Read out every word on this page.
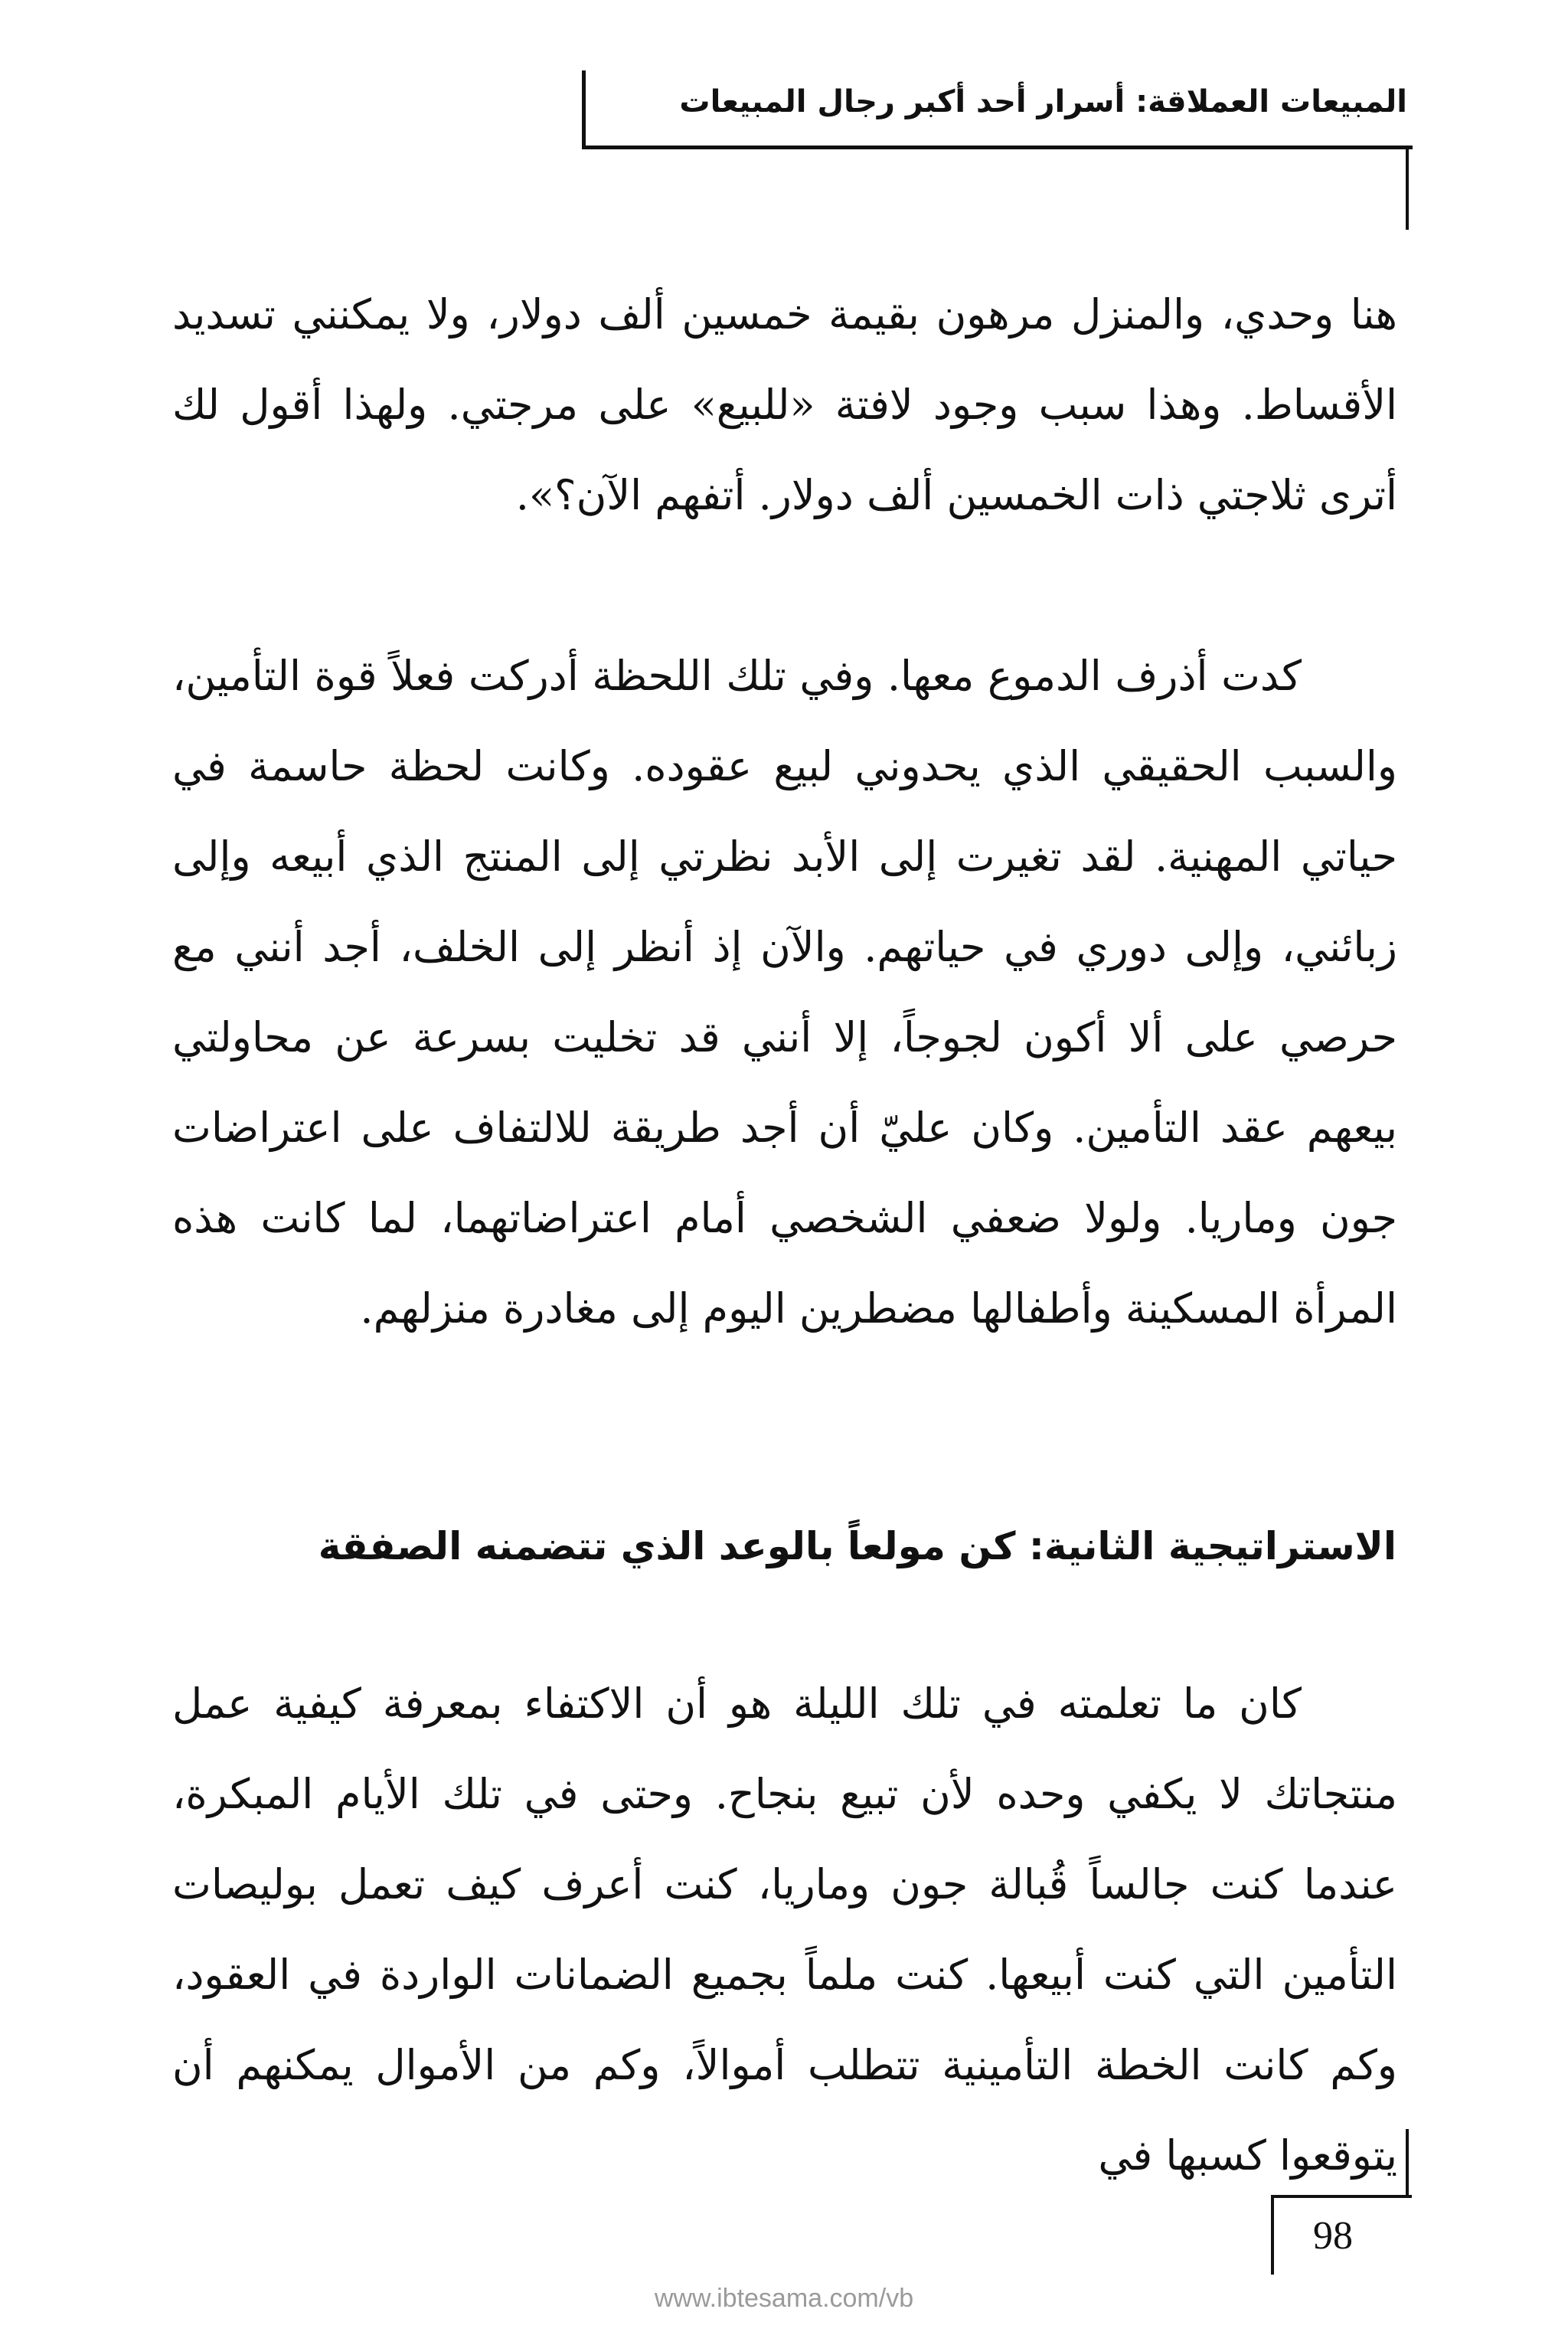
المبيعات العملاقة: أسرار أحد أكبر رجال المبيعات

هنا وحدي، والمنزل مرهون بقيمة خمسين ألف دولار، ولا يمكنني تسديد الأقساط. وهذا سبب وجود لافتة «للبيع» على مرجتي. ولهذا أقول لك أترى ثلاجتي ذات الخمسين ألف دولار. أتفهم الآن؟».

كدت أذرف الدموع معها. وفي تلك اللحظة أدركت فعلاً قوة التأمين، والسبب الحقيقي الذي يحدوني لبيع عقوده. وكانت لحظة حاسمة في حياتي المهنية. لقد تغيرت إلى الأبد نظرتي إلى المنتج الذي أبيعه وإلى زبائني، وإلى دوري في حياتهم. والآن إذ أنظر إلى الخلف، أجد أنني مع حرصي على ألا أكون لجوجاً، إلا أنني قد تخليت بسرعة عن محاولتي بيعهم عقد التأمين. وكان عليّ أن أجد طريقة للالتفاف على اعتراضات جون وماريا. ولولا ضعفي الشخصي أمام اعتراضاتهما، لما كانت هذه المرأة المسكينة وأطفالها مضطرين اليوم إلى مغادرة منزلهم.

الاستراتيجية الثانية: كن مولعاً بالوعد الذي تتضمنه الصفقة

كان ما تعلمته في تلك الليلة هو أن الاكتفاء بمعرفة كيفية عمل منتجاتك لا يكفي وحده لأن تبيع بنجاح. وحتى في تلك الأيام المبكرة، عندما كنت جالساً قُبالة جون وماريا، كنت أعرف كيف تعمل بوليصات التأمين التي كنت أبيعها. كنت ملماً بجميع الضمانات الواردة في العقود، وكم كانت الخطة التأمينية تتطلب أموالاً، وكم من الأموال يمكنهم أن يتوقعوا كسبها في

98
www.ibtesama.com/vb
